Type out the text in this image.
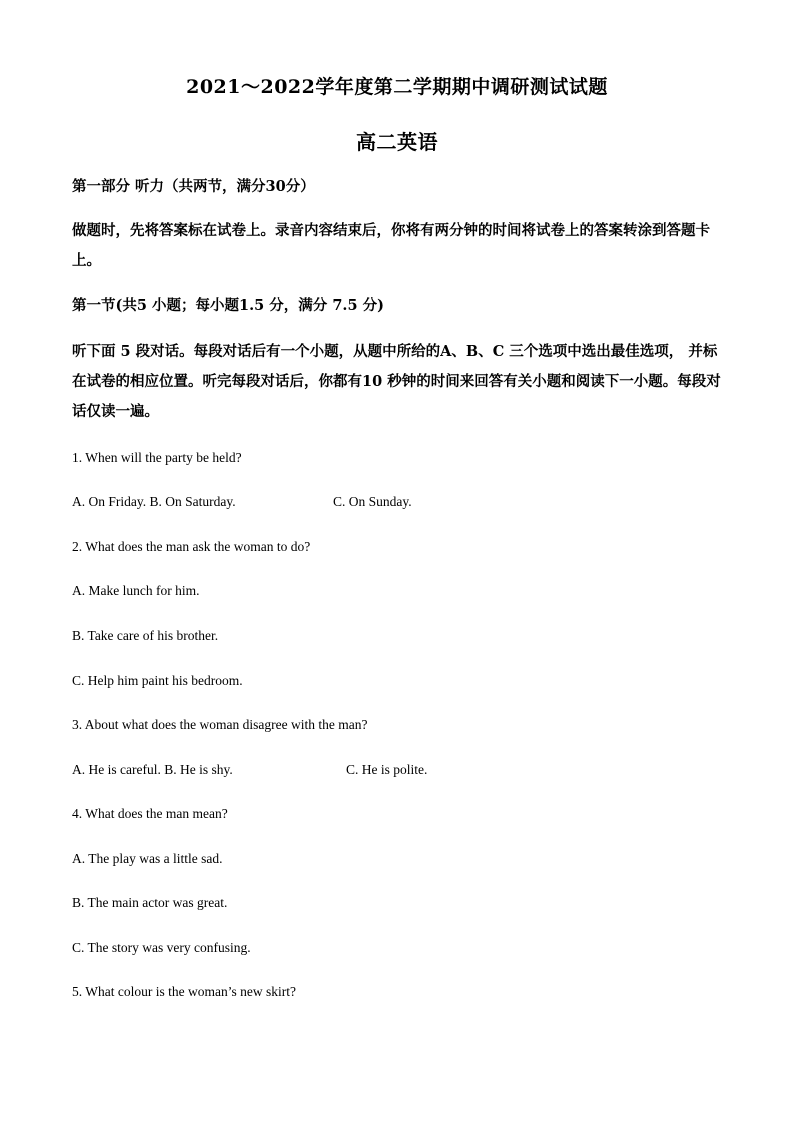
2021～2022学年度第二学期期中调研测试试题
高二英语
第一部分 听力（共两节，满分30分）
做题时，先将答案标在试卷上。录音内容结束后，你将有两分钟的时间将试卷上的答案转涂到答题卡上。
第一节(共5 小题；每小题1.5 分，满分 7.5 分)
听下面 5 段对话。每段对话后有一个小题，从题中所给的A、B、C 三个选项中选出最佳选项， 并标在试卷的相应位置。听完每段对话后，你都有10 秒钟的时间来回答有关小题和阅读下一小题。每段对话仅读一遍。
1. When will the party be held?
A. On Friday. B. On Saturday.	C. On Sunday.
2. What does the man ask the woman to do?
A. Make lunch for him.
B. Take care of his brother.
C. Help him paint his bedroom.
3. About what does the woman disagree with the man?
A. He is careful. B. He is shy.	C. He is polite.
4. What does the man mean?
A. The play was a little sad.
B. The main actor was great.
C. The story was very confusing.
5. What colour is the woman’s new skirt?
